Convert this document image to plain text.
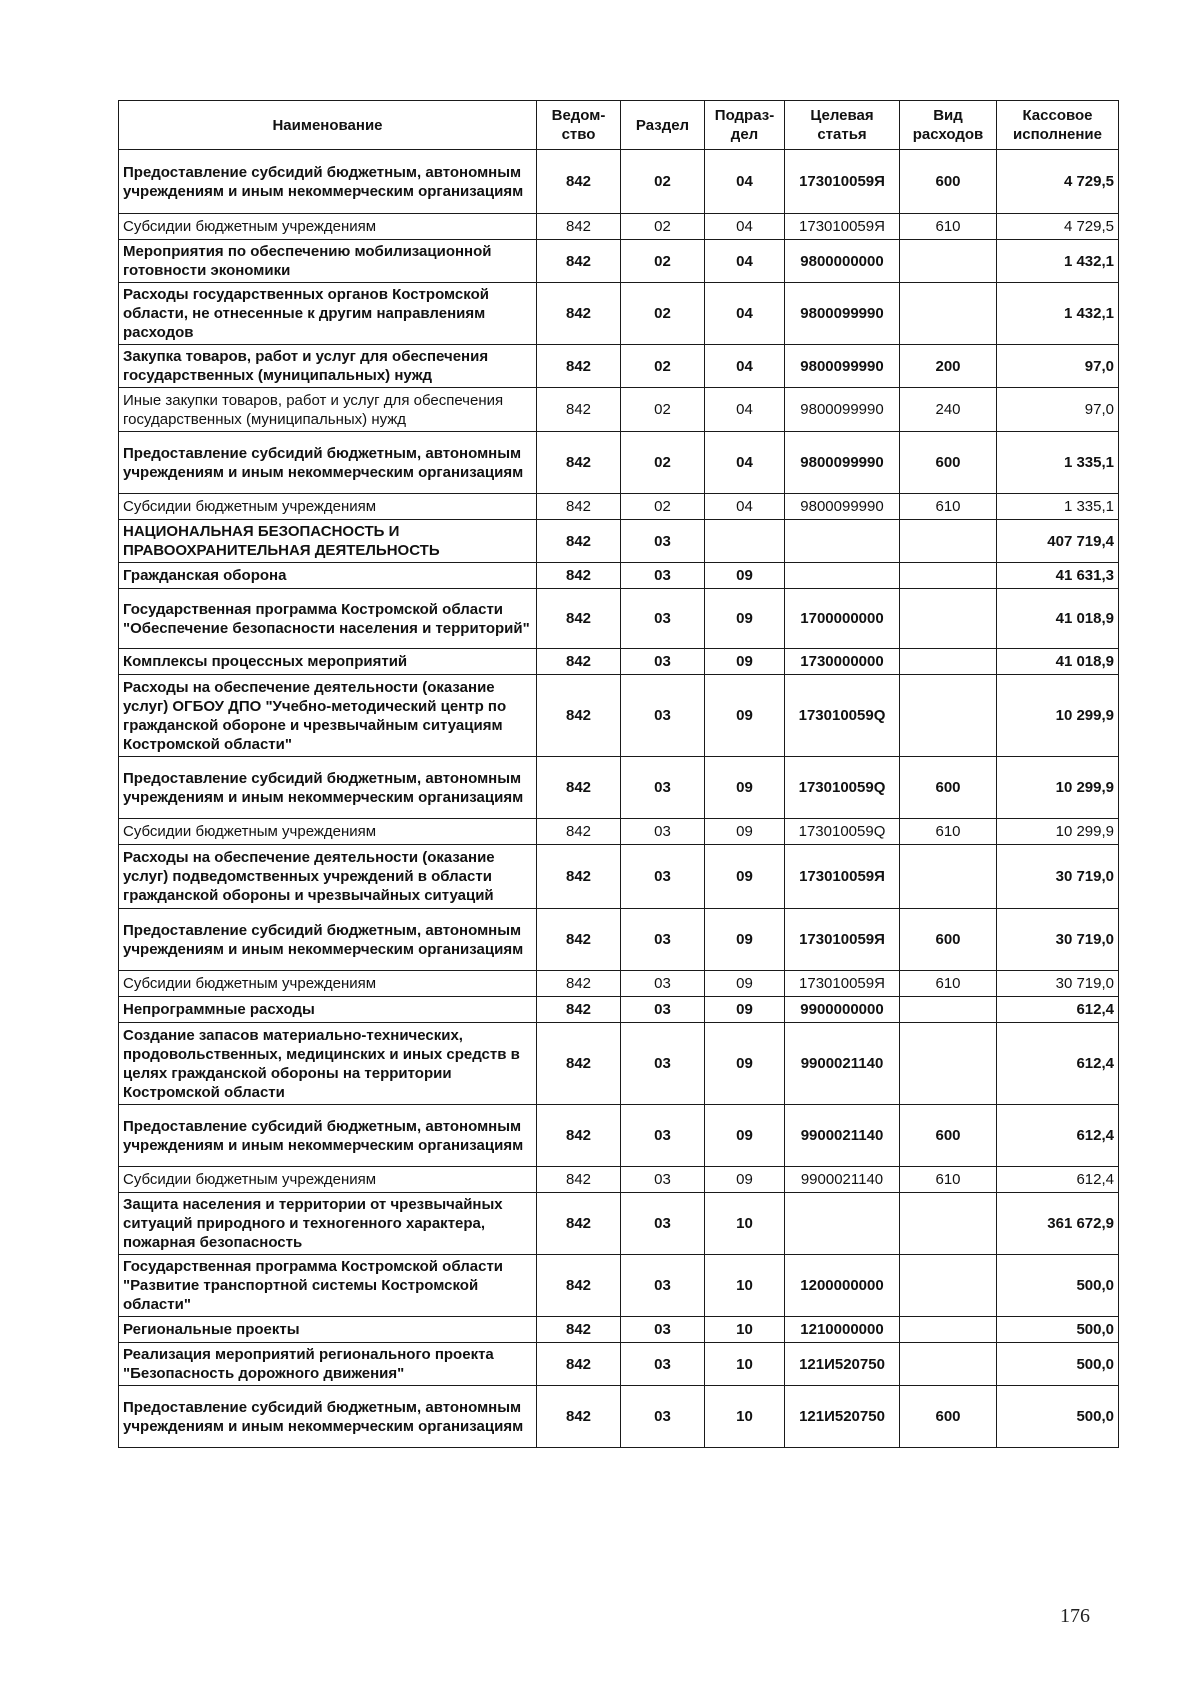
Наименование	Ведом-ство	Раздел	Подраз-дел	Целевая статья	Вид расходов	Кассовое исполнение
Предоставление субсидий бюджетным, автономным учреждениям и иным некоммерческим организациям	842	02	04	173010059Я	600	4 729,5
Субсидии бюджетным учреждениям	842	02	04	173010059Я	610	4 729,5
Мероприятия по обеспечению мобилизационной готовности экономики	842	02	04	9800000000		1 432,1
Расходы государственных органов Костромской области, не отнесенные к другим направлениям расходов	842	02	04	9800099990		1 432,1
Закупка товаров, работ и услуг для обеспечения государственных (муниципальных) нужд	842	02	04	9800099990	200	97,0
Иные закупки товаров, работ и услуг для обеспечения государственных (муниципальных) нужд	842	02	04	9800099990	240	97,0
Предоставление субсидий бюджетным, автономным учреждениям и иным некоммерческим организациям	842	02	04	9800099990	600	1 335,1
Субсидии бюджетным учреждениям	842	02	04	9800099990	610	1 335,1
НАЦИОНАЛЬНАЯ БЕЗОПАСНОСТЬ И ПРАВООХРАНИТЕЛЬНАЯ ДЕЯТЕЛЬНОСТЬ	842	03				407 719,4
Гражданская оборона	842	03	09			41 631,3
Государственная программа Костромской области "Обеспечение безопасности населения и территорий"	842	03	09	1700000000		41 018,9
Комплексы процессных мероприятий	842	03	09	1730000000		41 018,9
Расходы на обеспечение деятельности (оказание услуг) ОГБОУ ДПО "Учебно-методический центр по гражданской обороне и чрезвычайным ситуациям Костромской области"	842	03	09	173010059Q		10 299,9
Предоставление субсидий бюджетным, автономным учреждениям и иным некоммерческим организациям	842	03	09	173010059Q	600	10 299,9
Субсидии бюджетным учреждениям	842	03	09	173010059Q	610	10 299,9
Расходы на обеспечение деятельности (оказание услуг) подведомственных учреждений в области гражданской обороны и чрезвычайных ситуаций	842	03	09	173010059Я		30 719,0
Предоставление субсидий бюджетным, автономным учреждениям и иным некоммерческим организациям	842	03	09	173010059Я	600	30 719,0
Субсидии бюджетным учреждениям	842	03	09	173010059Я	610	30 719,0
Непрограммные расходы	842	03	09	9900000000		612,4
Создание запасов материально-технических, продовольственных, медицинских и иных средств в целях гражданской обороны на территории Костромской области	842	03	09	9900021140		612,4
Предоставление субсидий бюджетным, автономным учреждениям и иным некоммерческим организациям	842	03	09	9900021140	600	612,4
Субсидии бюджетным учреждениям	842	03	09	9900021140	610	612,4
Защита населения и территории от чрезвычайных ситуаций природного и техногенного характера, пожарная безопасность	842	03	10			361 672,9
Государственная программа Костромской области "Развитие транспортной системы Костромской области"	842	03	10	1200000000		500,0
Региональные проекты	842	03	10	1210000000		500,0
Реализация мероприятий регионального проекта "Безопасность дорожного движения"	842	03	10	121И520750		500,0
Предоставление субсидий бюджетным, автономным учреждениям и иным некоммерческим организациям	842	03	10	121И520750	600	500,0
176
